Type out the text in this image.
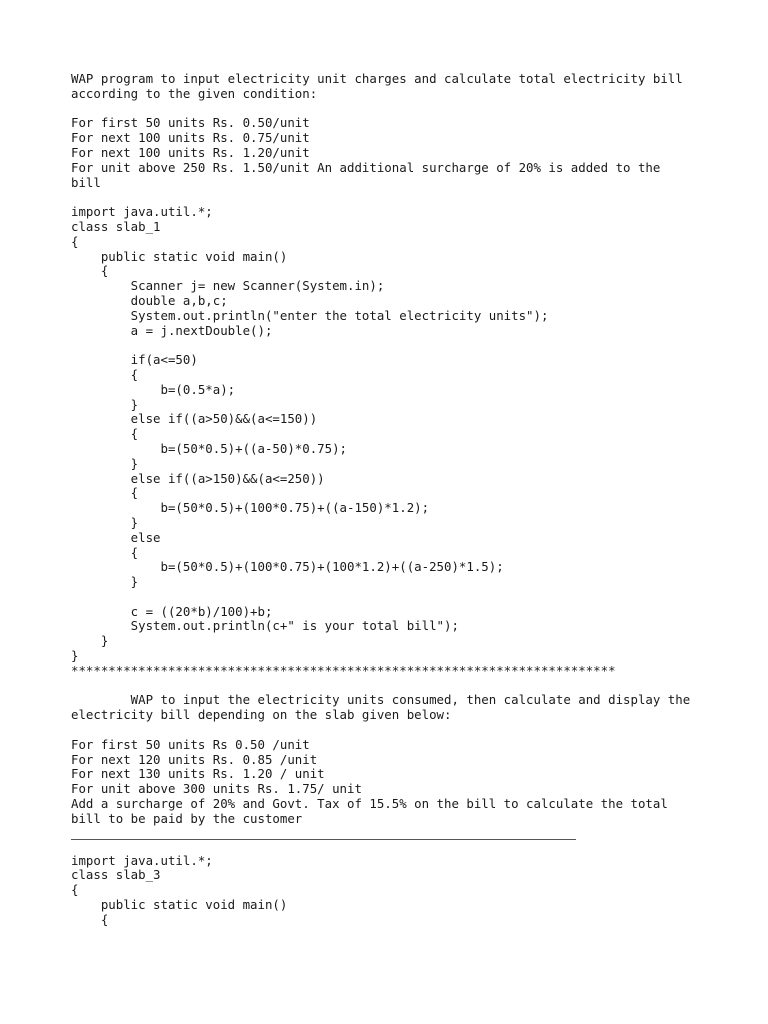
WAP program to input electricity unit charges and calculate total electricity bill
according to the given condition:
For first 50 units Rs. 0.50/unit
For next 100 units Rs. 0.75/unit
For next 100 units Rs. 1.20/unit
For unit above 250 Rs. 1.50/unit An additional surcharge of 20% is added to the
bill
import java.util.*;
class slab_1
{
public static void main()
{
Scanner j= new Scanner(System.in);
double a,b,c;
System.out.println("enter the total electricity units");
a = j.nextDouble();
if(a<=50)
{
b=(0.5*a);
}
else if((a>50)&&(a<=150))
{
b=(50*0.5)+((a-50)*0.75);
}
else if((a>150)&&(a<=250))
{
b=(50*0.5)+(100*0.75)+((a-150)*1.2);
}
else
{
b=(50*0.5)+(100*0.75)+(100*1.2)+((a-250)*1.5);
}
c = ((20*b)/100)+b;
System.out.println(c+" is your total bill");
}
}
*************************************************************************
WAP to input the electricity units consumed, then calculate and display the
electricity bill depending on the slab given below:
For first 50 units Rs 0.50 /unit
For next 120 units Rs. 0.85 /unit
For next 130 units Rs. 1.20 / unit
For unit above 300 units Rs. 1.75/ unit
Add a surcharge of 20% and Govt. Tax of 15.5% on the bill to calculate the total
bill to be paid by the customer
import java.util.*;
class slab_3
{
public static void main()
{
